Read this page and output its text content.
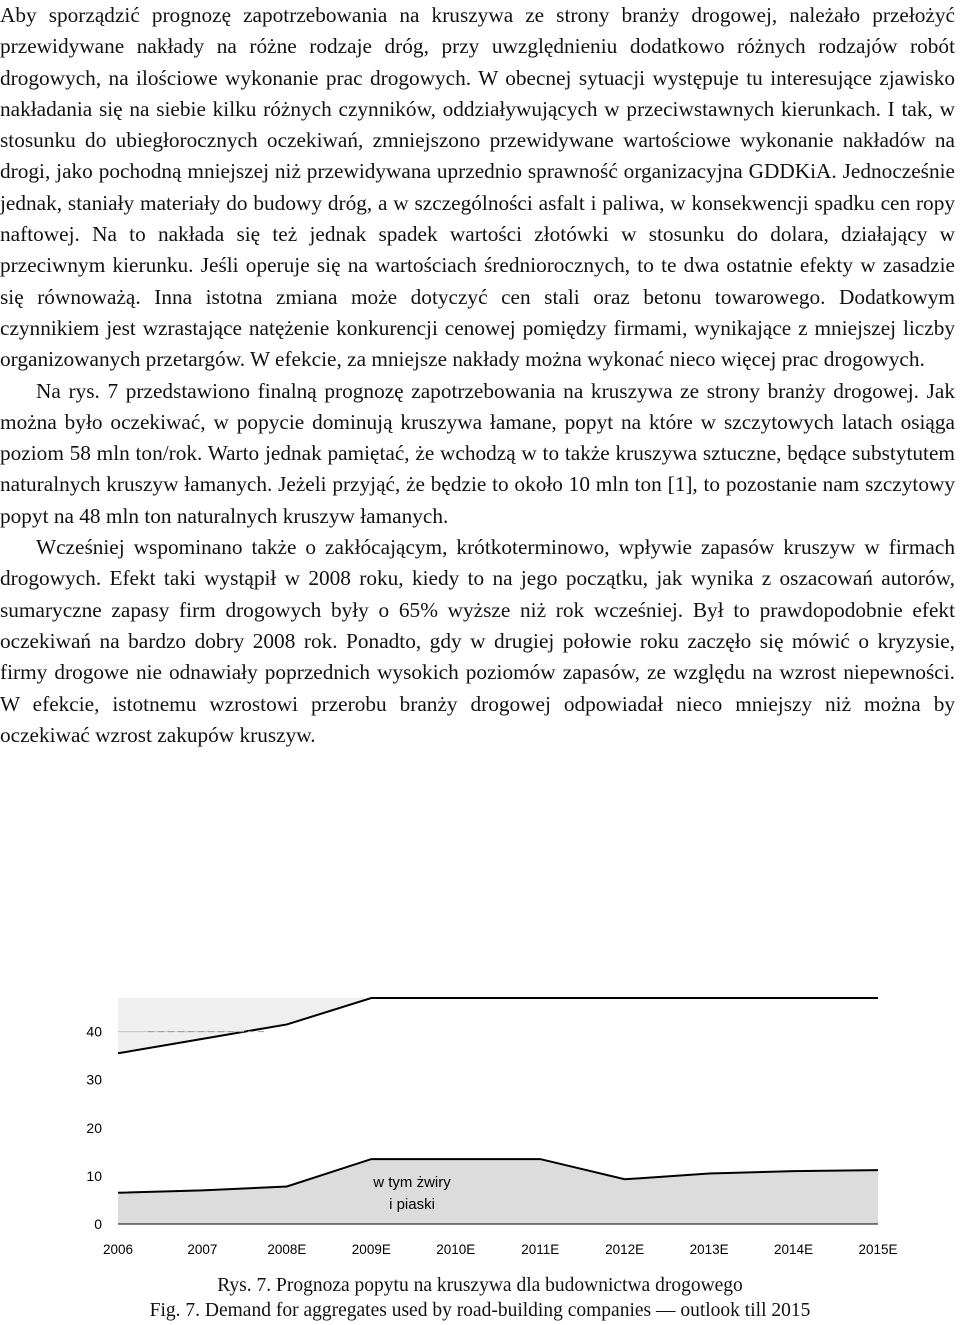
Aby sporządzić prognozę zapotrzebowania na kruszywa ze strony branży drogowej, należało przełożyć przewidywane nakłady na różne rodzaje dróg, przy uwzględnieniu dodatkowo różnych rodzajów robót drogowych, na ilościowe wykonanie prac drogowych. W obecnej sytuacji występuje tu interesujące zjawisko nakładania się na siebie kilku różnych czynników, oddziaływujących w przeciwstawnych kierunkach. I tak, w stosunku do ubiegłorocznych oczekiwań, zmniejszono przewidywane wartościowe wykonanie nakładów na drogi, jako pochodną mniejszej niż przewidywana uprzednio sprawność organizacyjna GDDKiA. Jednocześnie jednak, staniały materiały do budowy dróg, a w szczególności asfalt i paliwa, w konsekwencji spadku cen ropy naftowej. Na to nakłada się też jednak spadek wartości złotówki w stosunku do dolara, działający w przeciwnym kierunku. Jeśli operuje się na wartościach średniorocznych, to te dwa ostatnie efekty w zasadzie się równoważą. Inna istotna zmiana może dotyczyć cen stali oraz betonu towarowego. Dodatkowym czynnikiem jest wzrastające natężenie konkurencji cenowej pomiędzy firmami, wynikające z mniejszej liczby organizowanych przetargów. W efekcie, za mniejsze nakłady można wykonać nieco więcej prac drogowych.

Na rys. 7 przedstawiono finalną prognozę zapotrzebowania na kruszywa ze strony branży drogowej. Jak można było oczekiwać, w popycie dominują kruszywa łamane, popyt na które w szczytowych latach osiąga poziom 58 mln ton/rok. Warto jednak pamiętać, że wchodzą w to także kruszywa sztuczne, będące substytutem naturalnych kruszyw łamanych. Jeżeli przyjąć, że będzie to około 10 mln ton [1], to pozostanie nam szczytowy popyt na 48 mln ton naturalnych kruszyw łamanych.

Wcześniej wspominano także o zakłócającym, krótkoterminowo, wpływie zapasów kruszyw w firmach drogowych. Efekt taki wystąpił w 2008 roku, kiedy to na jego początku, jak wynika z oszacowań autorów, sumaryczne zapasy firm drogowych były o 65% wyższe niż rok wcześniej. Był to prawdopodobnie efekt oczekiwań na bardzo dobry 2008 rok. Ponadto, gdy w drugiej połowie roku zaczęło się mówić o kryzysie, firmy drogowe nie odnawiały poprzednich wysokich poziomów zapasów, ze względu na wzrost niepewności. W efekcie, istotnemu wzrostowi przerobu branży drogowej odpowiadał nieco mniejszy niż można by oczekiwać wzrost zakupów kruszyw.

0
10
20
30
40
2006	2007	2008E	2009E	2010E	2011E	2012E	2013E	2014E	2015E
w tym żwiry
i piaski
Rys. 7. Prognoza popytu na kruszywa dla budownictwa drogowego
Fig. 7. Demand for aggregates used by road-building companies — outlook till 2015
